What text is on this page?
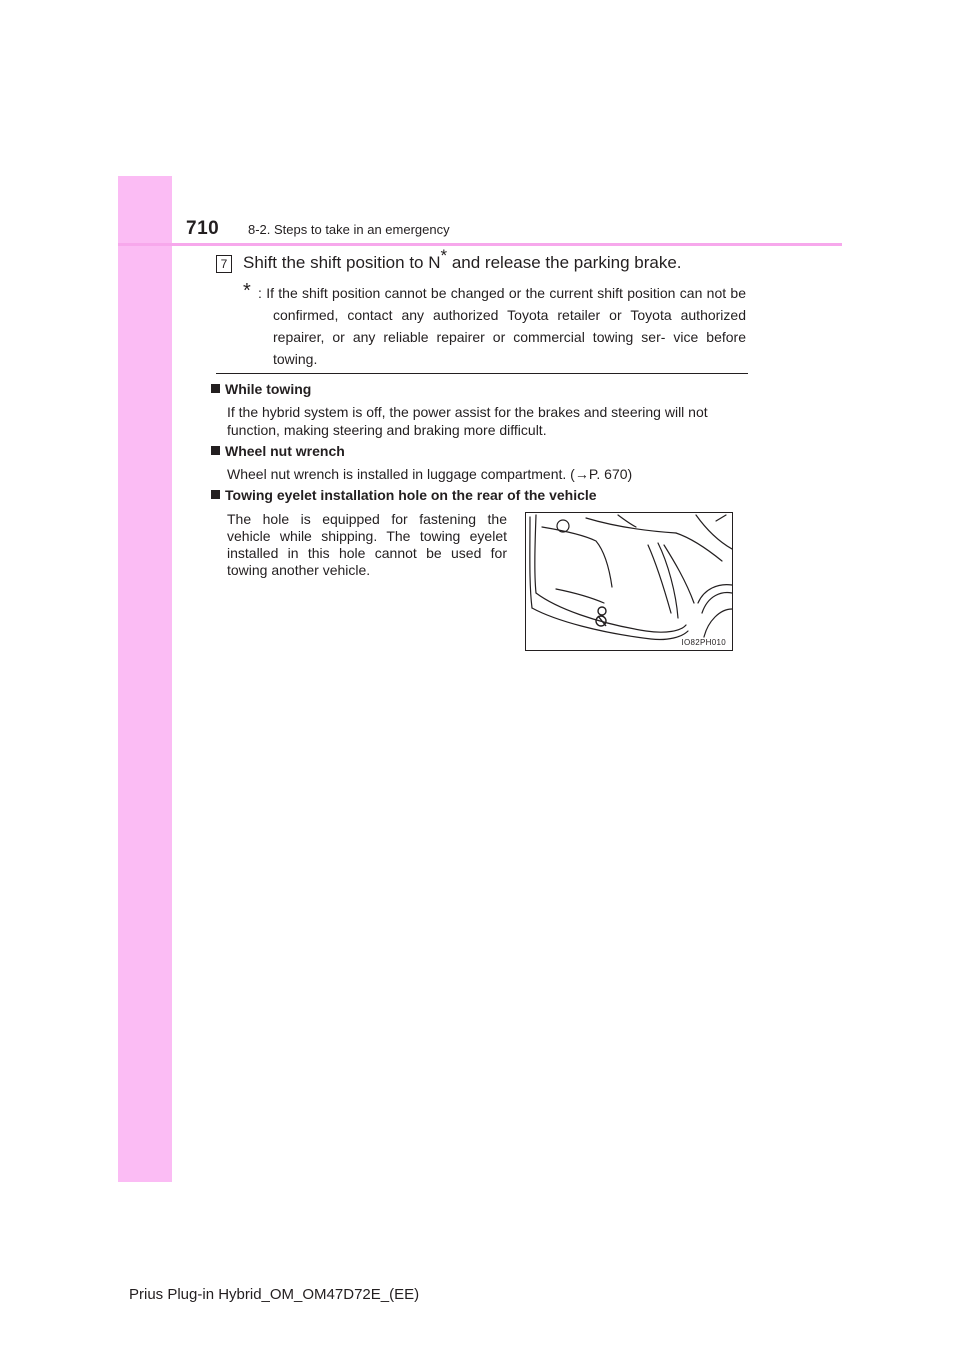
710 8-2. Steps to take in an emergency
7 Shift the shift position to N* and release the parking brake.
* : If the shift position cannot be changed or the current shift position can not be confirmed, contact any authorized Toyota retailer or Toyota authorized repairer, or any reliable repairer or commercial towing ser- vice before towing.
While towing
If the hybrid system is off, the power assist for the brakes and steering will not function, making steering and braking more difficult.
Wheel nut wrench
Wheel nut wrench is installed in luggage compartment. (→P. 670)
Towing eyelet installation hole on the rear of the vehicle
The hole is equipped for fastening the vehicle while shipping. The towing eyelet installed in this hole cannot be used for towing another vehicle.
IO82PH010
Prius Plug-in Hybrid_OM_OM47D72E_(EE)
